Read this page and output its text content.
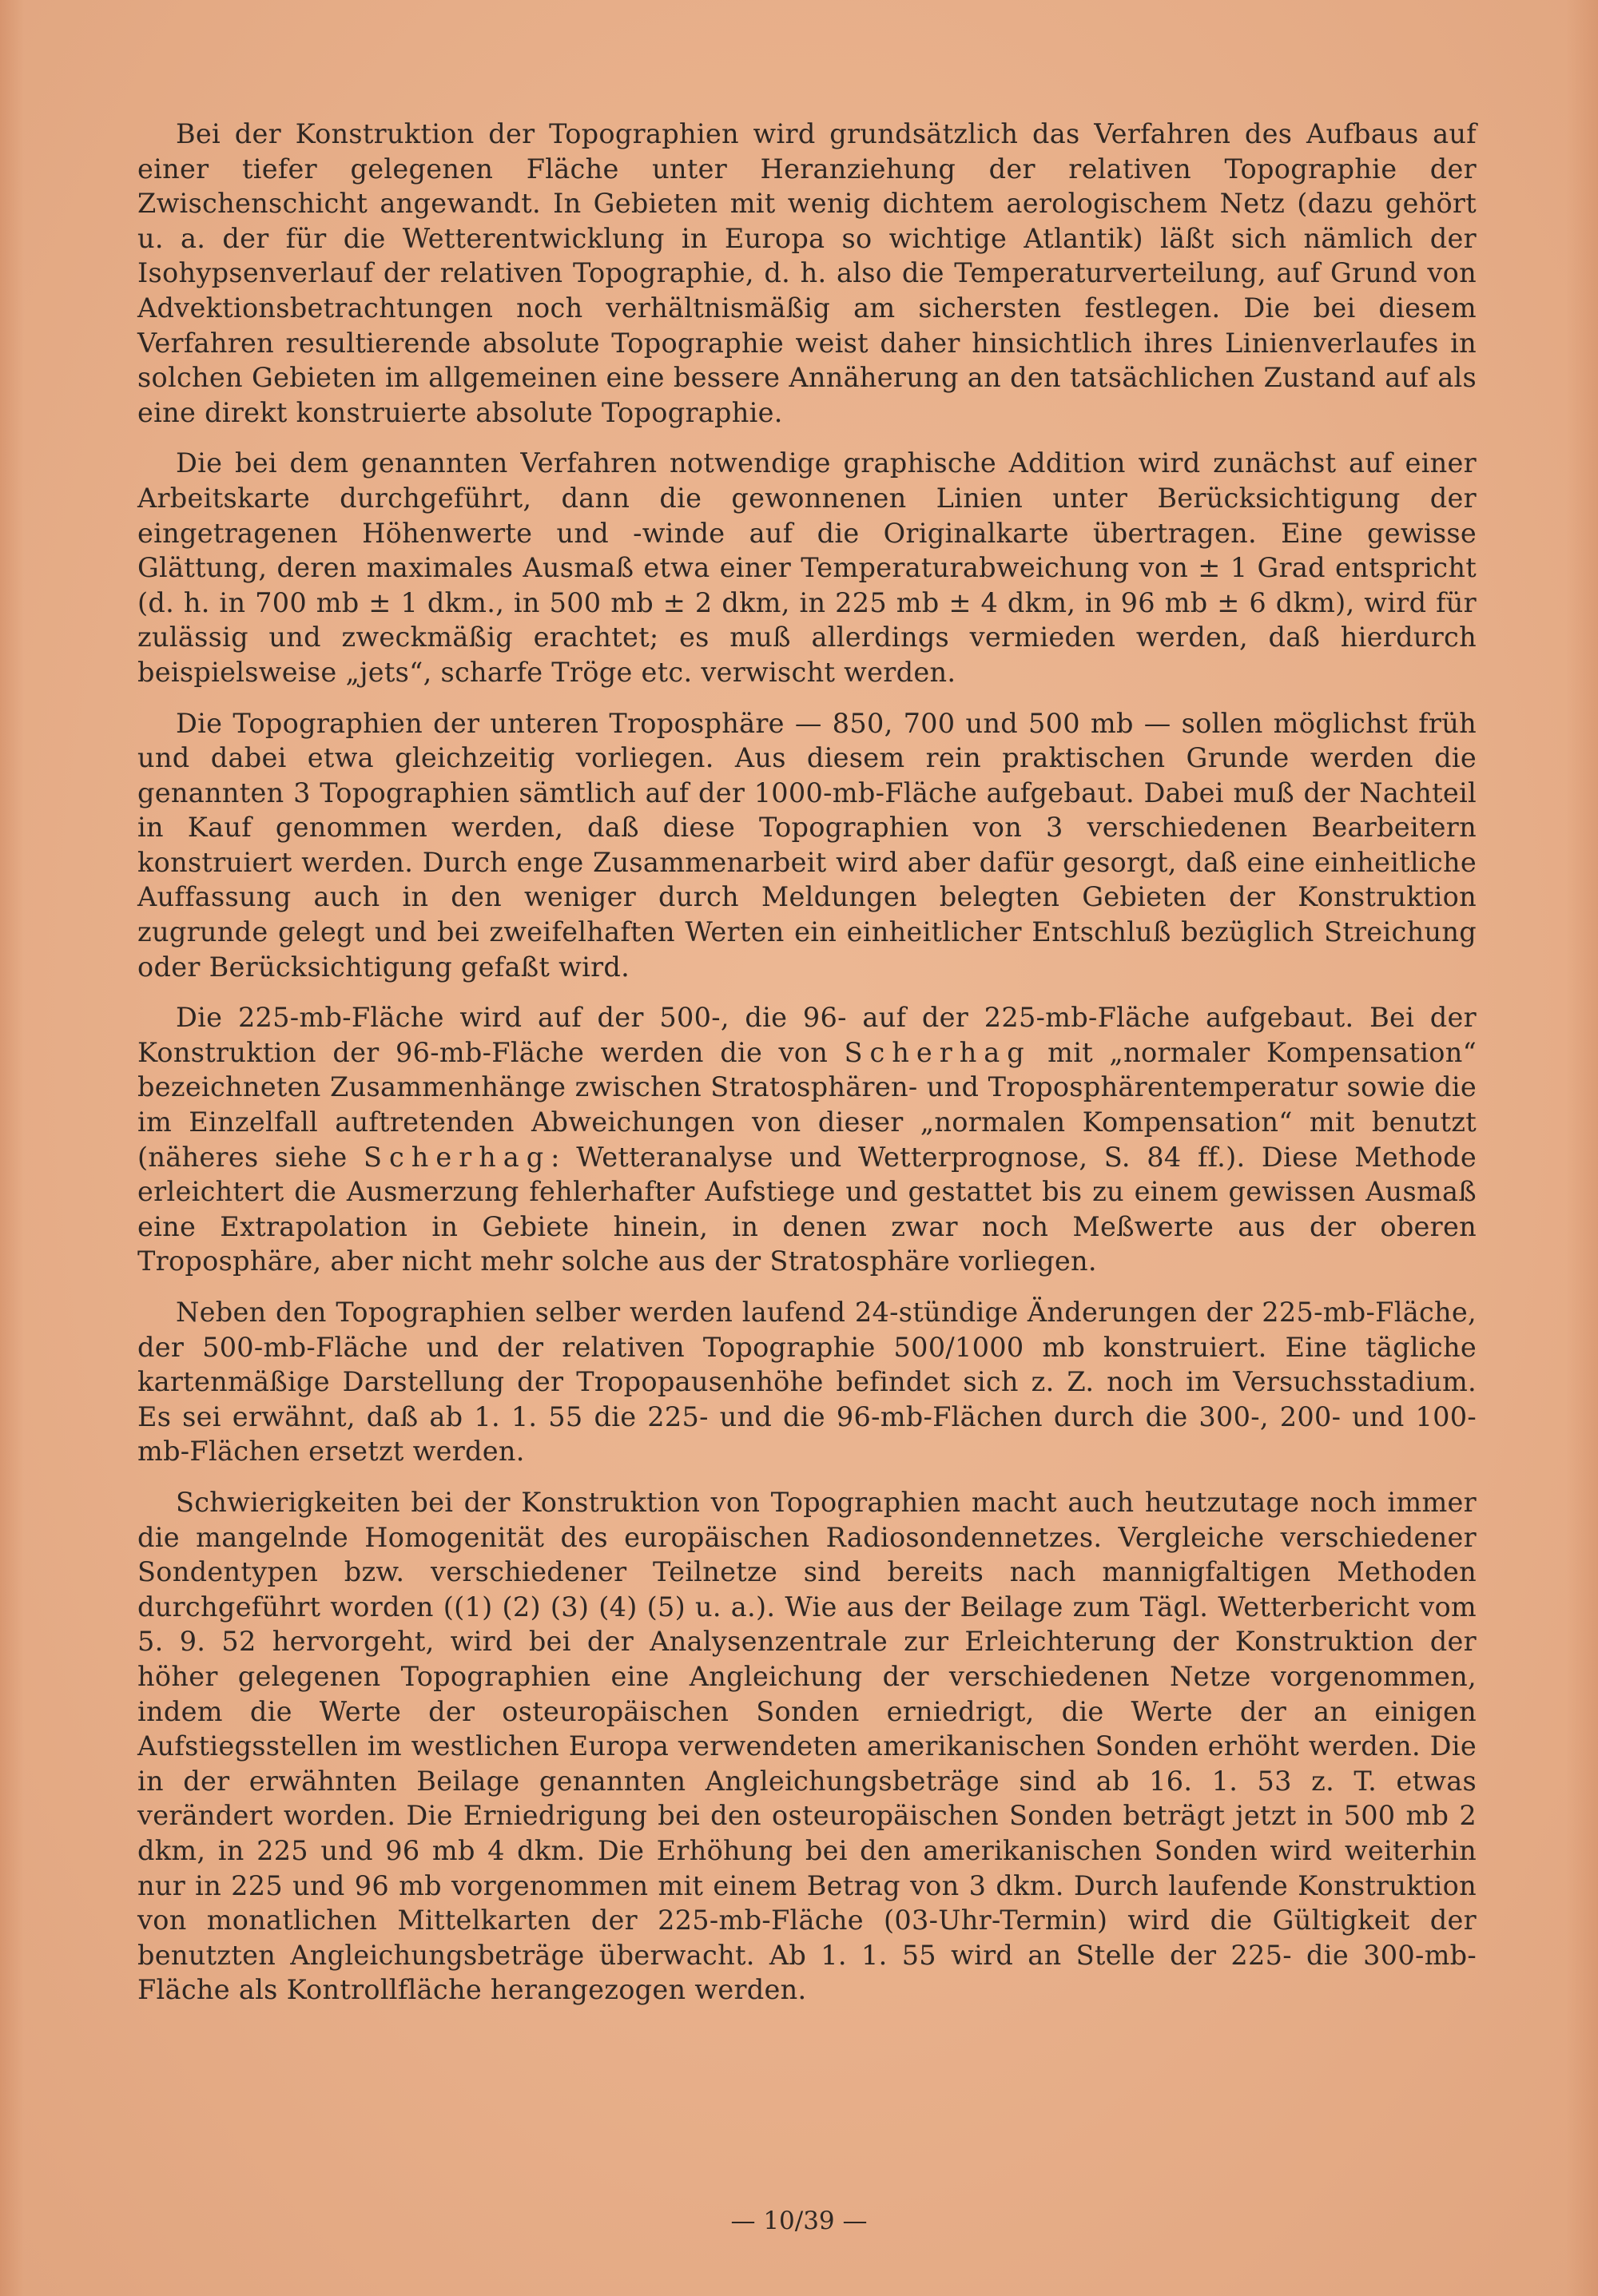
Bei der Konstruktion der Topographien wird grundsätzlich das Verfahren des Aufbaus auf einer tiefer gelegenen Fläche unter Heranziehung der relativen Topographie der Zwischenschicht angewandt. In Gebieten mit wenig dichtem aerologischem Netz (dazu gehört u. a. der für die Wetterentwicklung in Europa so wichtige Atlantik) läßt sich nämlich der Isohypsenverlauf der relativen Topographie, d. h. also die Temperaturverteilung, auf Grund von Advektionsbetrachtungen noch verhältnismäßig am sichersten festlegen. Die bei diesem Verfahren resultierende absolute Topographie weist daher hinsichtlich ihres Linienverlaufes in solchen Gebieten im allgemeinen eine bessere Annäherung an den tatsächlichen Zustand auf als eine direkt konstruierte absolute Topographie.

Die bei dem genannten Verfahren notwendige graphische Addition wird zunächst auf einer Arbeitskarte durchgeführt, dann die gewonnenen Linien unter Berücksichtigung der eingetragenen Höhenwerte und -winde auf die Originalkarte übertragen. Eine gewisse Glättung, deren maximales Ausmaß etwa einer Temperaturabweichung von ± 1 Grad entspricht (d. h. in 700 mb ± 1 dkm., in 500 mb ± 2 dkm, in 225 mb ± 4 dkm, in 96 mb ± 6 dkm), wird für zulässig und zweckmäßig erachtet; es muß allerdings vermieden werden, daß hierdurch beispielsweise „jets“, scharfe Tröge etc. verwischt werden.

Die Topographien der unteren Troposphäre — 850, 700 und 500 mb — sollen möglichst früh und dabei etwa gleichzeitig vorliegen. Aus diesem rein praktischen Grunde werden die genannten 3 Topographien sämtlich auf der 1000-mb-Fläche aufgebaut. Dabei muß der Nachteil in Kauf genommen werden, daß diese Topographien von 3 verschiedenen Bearbeitern konstruiert werden. Durch enge Zusammenarbeit wird aber dafür gesorgt, daß eine einheitliche Auffassung auch in den weniger durch Meldungen belegten Gebieten der Konstruktion zugrunde gelegt und bei zweifelhaften Werten ein einheitlicher Entschluß bezüglich Streichung oder Berücksichtigung gefaßt wird.

Die 225-mb-Fläche wird auf der 500-, die 96- auf der 225-mb-Fläche aufgebaut. Bei der Konstruktion der 96-mb-Fläche werden die von Scherhag mit „normaler Kompensation“ bezeichneten Zusammenhänge zwischen Stratosphären- und Troposphärentemperatur sowie die im Einzelfall auftretenden Abweichungen von dieser „normalen Kompensation“ mit benutzt (näheres siehe Scherhag: Wetteranalyse und Wetterprognose, S. 84 ff.). Diese Methode erleichtert die Ausmerzung fehlerhafter Aufstiege und gestattet bis zu einem gewissen Ausmaß eine Extrapolation in Gebiete hinein, in denen zwar noch Meßwerte aus der oberen Troposphäre, aber nicht mehr solche aus der Stratosphäre vorliegen.

Neben den Topographien selber werden laufend 24-stündige Änderungen der 225-mb-Fläche, der 500-mb-Fläche und der relativen Topographie 500/1000 mb konstruiert. Eine tägliche kartenmäßige Darstellung der Tropopausenhöhe befindet sich z. Z. noch im Versuchsstadium. Es sei erwähnt, daß ab 1. 1. 55 die 225- und die 96-mb-Flächen durch die 300-, 200- und 100-mb-Flächen ersetzt werden.

Schwierigkeiten bei der Konstruktion von Topographien macht auch heutzutage noch immer die mangelnde Homogenität des europäischen Radiosondennetzes. Vergleiche verschiedener Sondentypen bzw. verschiedener Teilnetze sind bereits nach mannigfaltigen Methoden durchgeführt worden ((1) (2) (3) (4) (5) u. a.). Wie aus der Beilage zum Tägl. Wetterbericht vom 5. 9. 52 hervorgeht, wird bei der Analysenzentrale zur Erleichterung der Konstruktion der höher gelegenen Topographien eine Angleichung der verschiedenen Netze vorgenommen, indem die Werte der osteuropäischen Sonden erniedrigt, die Werte der an einigen Aufstiegsstellen im westlichen Europa verwendeten amerikanischen Sonden erhöht werden. Die in der erwähnten Beilage genannten Angleichungsbeträge sind ab 16. 1. 53 z. T. etwas verändert worden. Die Erniedrigung bei den osteuropäischen Sonden beträgt jetzt in 500 mb 2 dkm, in 225 und 96 mb 4 dkm. Die Erhöhung bei den amerikanischen Sonden wird weiterhin nur in 225 und 96 mb vorgenommen mit einem Betrag von 3 dkm. Durch laufende Konstruktion von monatlichen Mittelkarten der 225-mb-Fläche (03-Uhr-Termin) wird die Gültigkeit der benutzten Angleichungsbeträge überwacht. Ab 1. 1. 55 wird an Stelle der 225- die 300-mb-Fläche als Kontrollfläche herangezogen werden.

— 10/39 —
